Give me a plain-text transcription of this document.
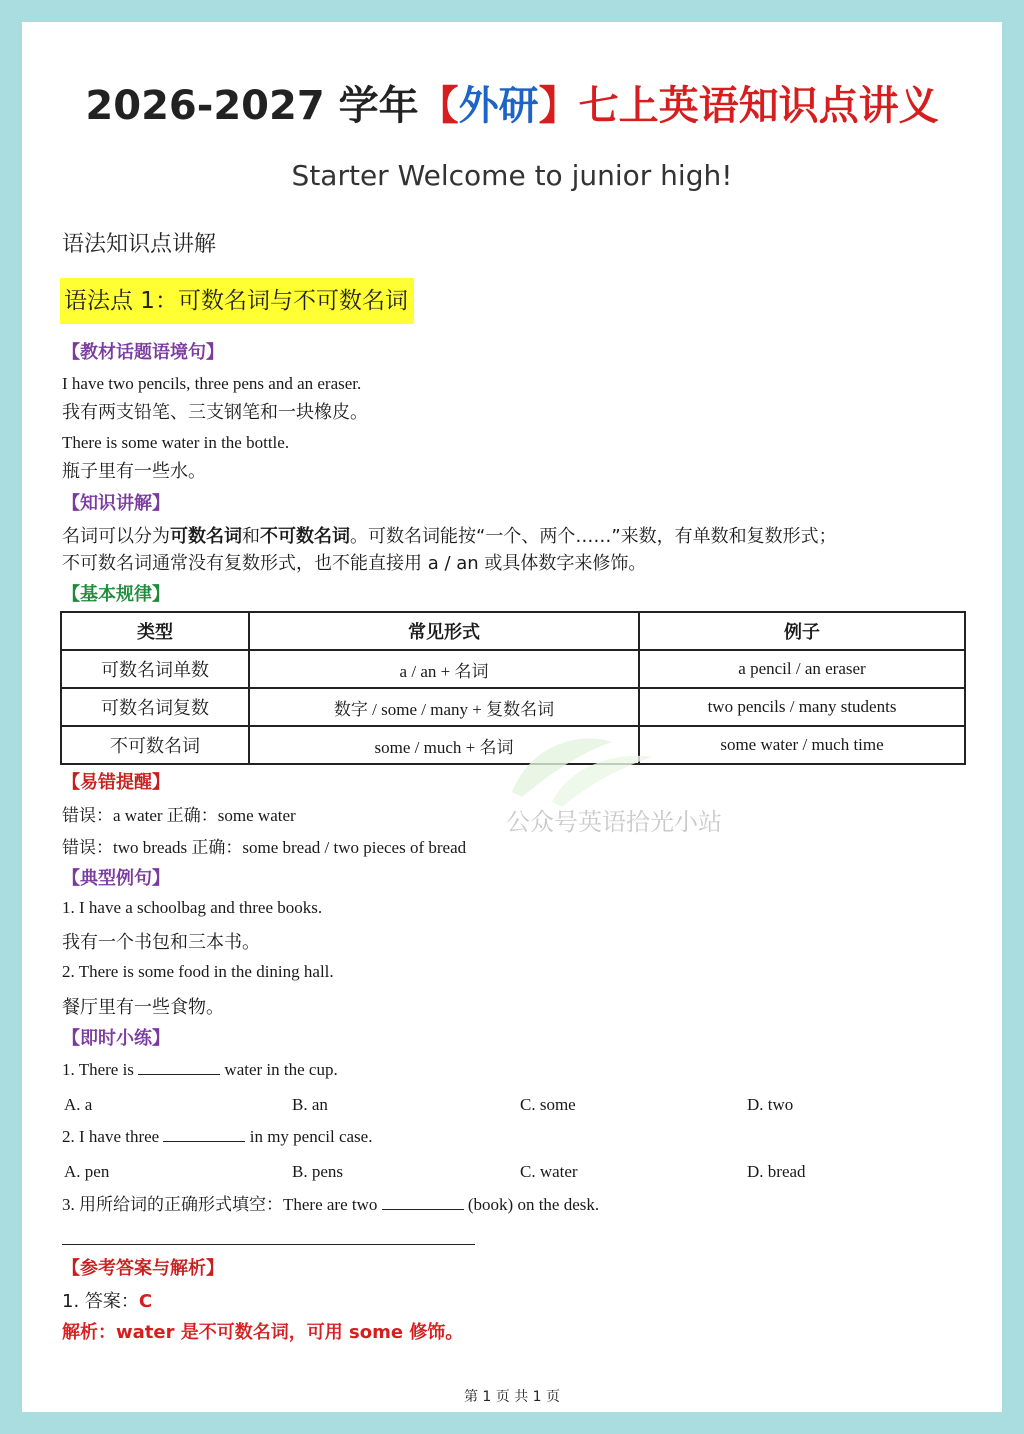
2026-2027 学年【外研】七上英语知识点讲义
Starter Welcome to junior high!
语法知识点讲解
语法点 1：可数名词与不可数名词
【教材话题语境句】
I have two pencils, three pens and an eraser.
我有两支铅笔、三支钢笔和一块橡皮。
There is some water in the bottle.
瓶子里有一些水。
【知识讲解】
名词可以分为可数名词和不可数名词。可数名词能按“一个、两个……”来数，有单数和复数形式；
不可数名词通常没有复数形式，也不能直接用 a / an 或具体数字来修饰。
【基本规律】
类型	常见形式	例子
可数名词单数	a / an + 名词	a pencil / an eraser
可数名词复数	数字 / some / many + 复数名词	two pencils / many students
不可数名词	some / much + 名词	some water / much time
【易错提醒】
错误：a water 正确：some water
错误：two breads 正确：some bread / two pieces of bread
公众号英语拾光小站
【典型例句】
1. I have a schoolbag and three books.
我有一个书包和三本书。
2. There is some food in the dining hall.
餐厅里有一些食物。
【即时小练】
1. There is	water in the cup.
A. a	B. an	C. some	D. two
2. I have three	in my pencil case.
A. pen	B. pens	C. water	D. bread
3. 用所给词的正确形式填空：There are two	(book) on the desk.
【参考答案与解析】
1. 答案：C
解析：water 是不可数名词，可用 some 修饰。
第 1 页 共 1 页
